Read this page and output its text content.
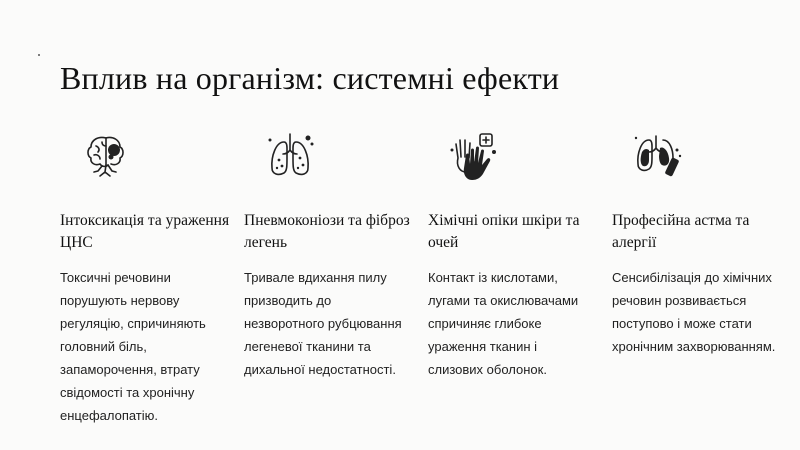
Вплив на організм: системні ефекти
Інтоксикація та ураження
ЦНС
Токсичні речовини
порушують нервову
регуляцію, спричиняють
головний біль,
запаморочення, втрату
свідомості та хронічну
енцефалопатію.
Пневмоконіози та фіброз
легень
Тривале вдихання пилу
призводить до
незворотного рубцювання
легеневої тканини та
дихальної недостатності.
Хімічні опіки шкіри та
очей
Контакт із кислотами,
лугами та окислювачами
спричиняє глибоке
ураження тканин і
слизових оболонок.
Професійна астма та
алергії
Сенсибілізація до хімічних
речовин розвивається
поступово і може стати
хронічним захворюванням.
